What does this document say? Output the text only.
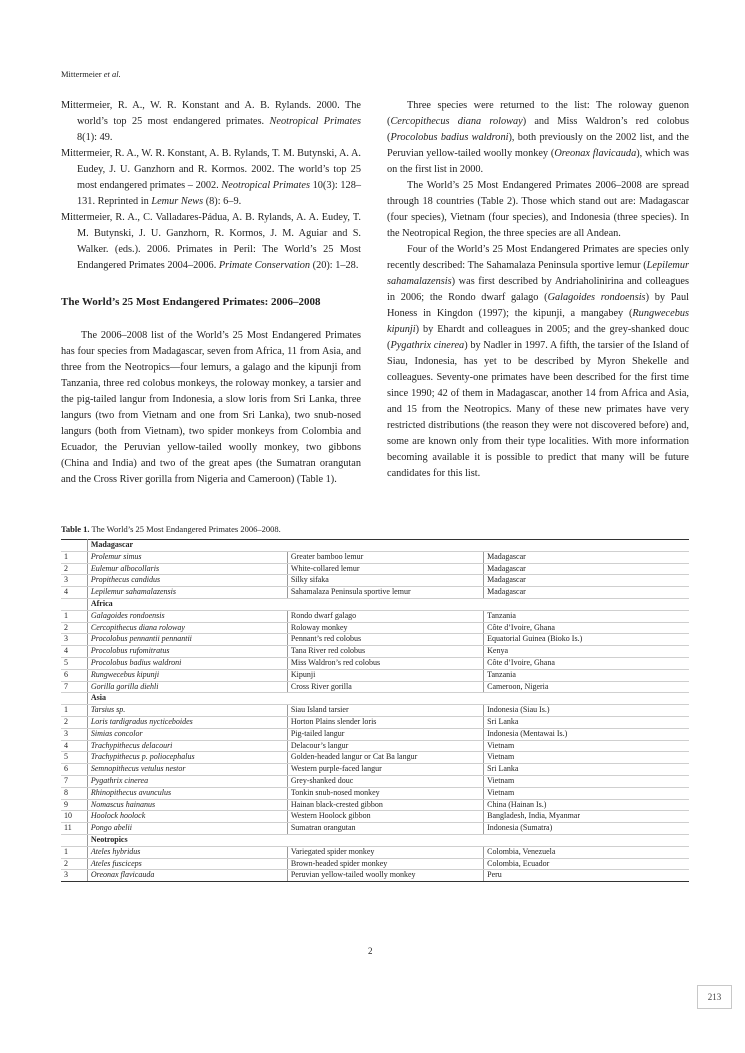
Mittermeier et al.

Mittermeier, R. A., W. R. Konstant and A. B. Rylands. 2000. The world’s top 25 most endangered primates. Neotropical Primates 8(1): 49.

Mittermeier, R. A., W. R. Konstant, A. B. Rylands, T. M. Butynski, A. A. Eudey, J. U. Ganzhorn and R. Kormos. 2002. The world’s top 25 most endangered primates – 2002. Neotropical Primates 10(3): 128–131. Reprinted in Lemur News (8): 6–9.

Mittermeier, R. A., C. Valladares-Pádua, A. B. Rylands, A. A. Eudey, T. M. Butynski, J. U. Ganzhorn, R. Kormos, J. M. Aguiar and S. Walker. (eds.). 2006. Primates in Peril: The World’s 25 Most Endangered Primates 2004–2006. Primate Conservation (20): 1–28.

The World’s 25 Most Endangered Primates: 2006–2008

The 2006–2008 list of the World’s 25 Most Endangered Primates has four species from Madagascar, seven from Africa, 11 from Asia, and three from the Neotropics—four lemurs, a galago and the kipunji from Tanzania, three red colobus monkeys, the roloway monkey, a tarsier and the pig-tailed langur from Indonesia, a slow loris from Sri Lanka, three langurs (two from Vietnam and one from Sri Lanka), two snub-nosed langurs (both from Vietnam), two spider monkeys from Colombia and Ecuador, the Peruvian yellow-tailed woolly monkey, two gibbons (China and India) and two of the great apes (the Sumatran orangutan and the Cross River gorilla from Nigeria and Cameroon) (Table 1).

Three species were returned to the list: The roloway guenon (Cercopithecus diana roloway) and Miss Waldron’s red colobus (Procolobus badius waldroni), both previously on the 2002 list, and the Peruvian yellow-tailed woolly monkey (Oreonax flavicauda), which was on the first list in 2000.

The World’s 25 Most Endangered Primates 2006–2008 are spread through 18 countries (Table 2). Those which stand out are: Madagascar (four species), Vietnam (four species), and Indonesia (three species). In the Neotropical Region, the three species are all Andean.

Four of the World’s 25 Most Endangered Primates are species only recently described: The Sahamalaza Peninsula sportive lemur (Lepilemur sahamalazensis) was first described by Andriaholinirina and colleagues in 2006; the Rondo dwarf galago (Galagoides rondoensis) by Paul Honess in Kingdon (1997); the kipunji, a mangabey (Rungwecebus kipunji) by Ehardt and colleagues in 2005; and the grey-shanked douc (Pygathrix cinerea) by Nadler in 1997. A fifth, the tarsier of the Island of Siau, Indonesia, has yet to be described by Myron Shekelle and colleagues. Seventy-one primates have been described for the first time since 1990; 42 of them in Madagascar, another 14 from Africa and Asia, and 15 from the Neotropics. Many of these new primates have very restricted distributions (the reason they were not discovered before) and, some are known only from their type localities. With more information becoming available it is possible to predict that many will be future candidates for this list.

Table 1. The World’s 25 Most Endangered Primates 2006–2008.
	Madagascar		
1	Prolemur simus	Greater bamboo lemur	Madagascar
2	Eulemur albocollaris	White-collared lemur	Madagascar
3	Propithecus candidus	Silky sifaka	Madagascar
4	Lepilemur sahamalazensis	Sahamalaza Peninsula sportive lemur	Madagascar
	Africa		
1	Galagoides rondoensis	Rondo dwarf galago	Tanzania
2	Cercopithecus diana roloway	Roloway monkey	Côte d’Ivoire, Ghana
3	Procolobus pennantii pennantii	Pennant’s red colobus	Equatorial Guinea (Bioko Is.)
4	Procolobus rufomitratus	Tana River red colobus	Kenya
5	Procolobus badius waldroni	Miss Waldron’s red colobus	Côte d’Ivoire, Ghana
6	Rungwecebus kipunji	Kipunji	Tanzania
7	Gorilla gorilla diehli	Cross River gorilla	Cameroon, Nigeria
	Asia		
1	Tarsius sp.	Siau Island tarsier	Indonesia (Siau Is.)
2	Loris tardigradus nycticeboides	Horton Plains slender loris	Sri Lanka
3	Simias concolor	Pig-tailed langur	Indonesia (Mentawai Is.)
4	Trachypithecus delacouri	Delacour’s langur	Vietnam
5	Trachypithecus p. poliocephalus	Golden-headed langur or Cat Ba langur	Vietnam
6	Semnopithecus vetulus nestor	Western purple-faced langur	Sri Lanka
7	Pygathrix cinerea	Grey-shanked douc	Vietnam
8	Rhinopithecus avunculus	Tonkin snub-nosed monkey	Vietnam
9	Nomascus hainanus	Hainan black-crested gibbon	China (Hainan Is.)
10	Hoolock hoolock	Western Hoolock gibbon	Bangladesh, India, Myanmar
11	Pongo abelii	Sumatran orangutan	Indonesia (Sumatra)
	Neotropics		
1	Ateles hybridus	Variegated spider monkey	Colombia, Venezuela
2	Ateles fusciceps	Brown-headed spider monkey	Colombia, Ecuador
3	Oreonax flavicauda	Peruvian yellow-tailed woolly monkey	Peru
2
213
